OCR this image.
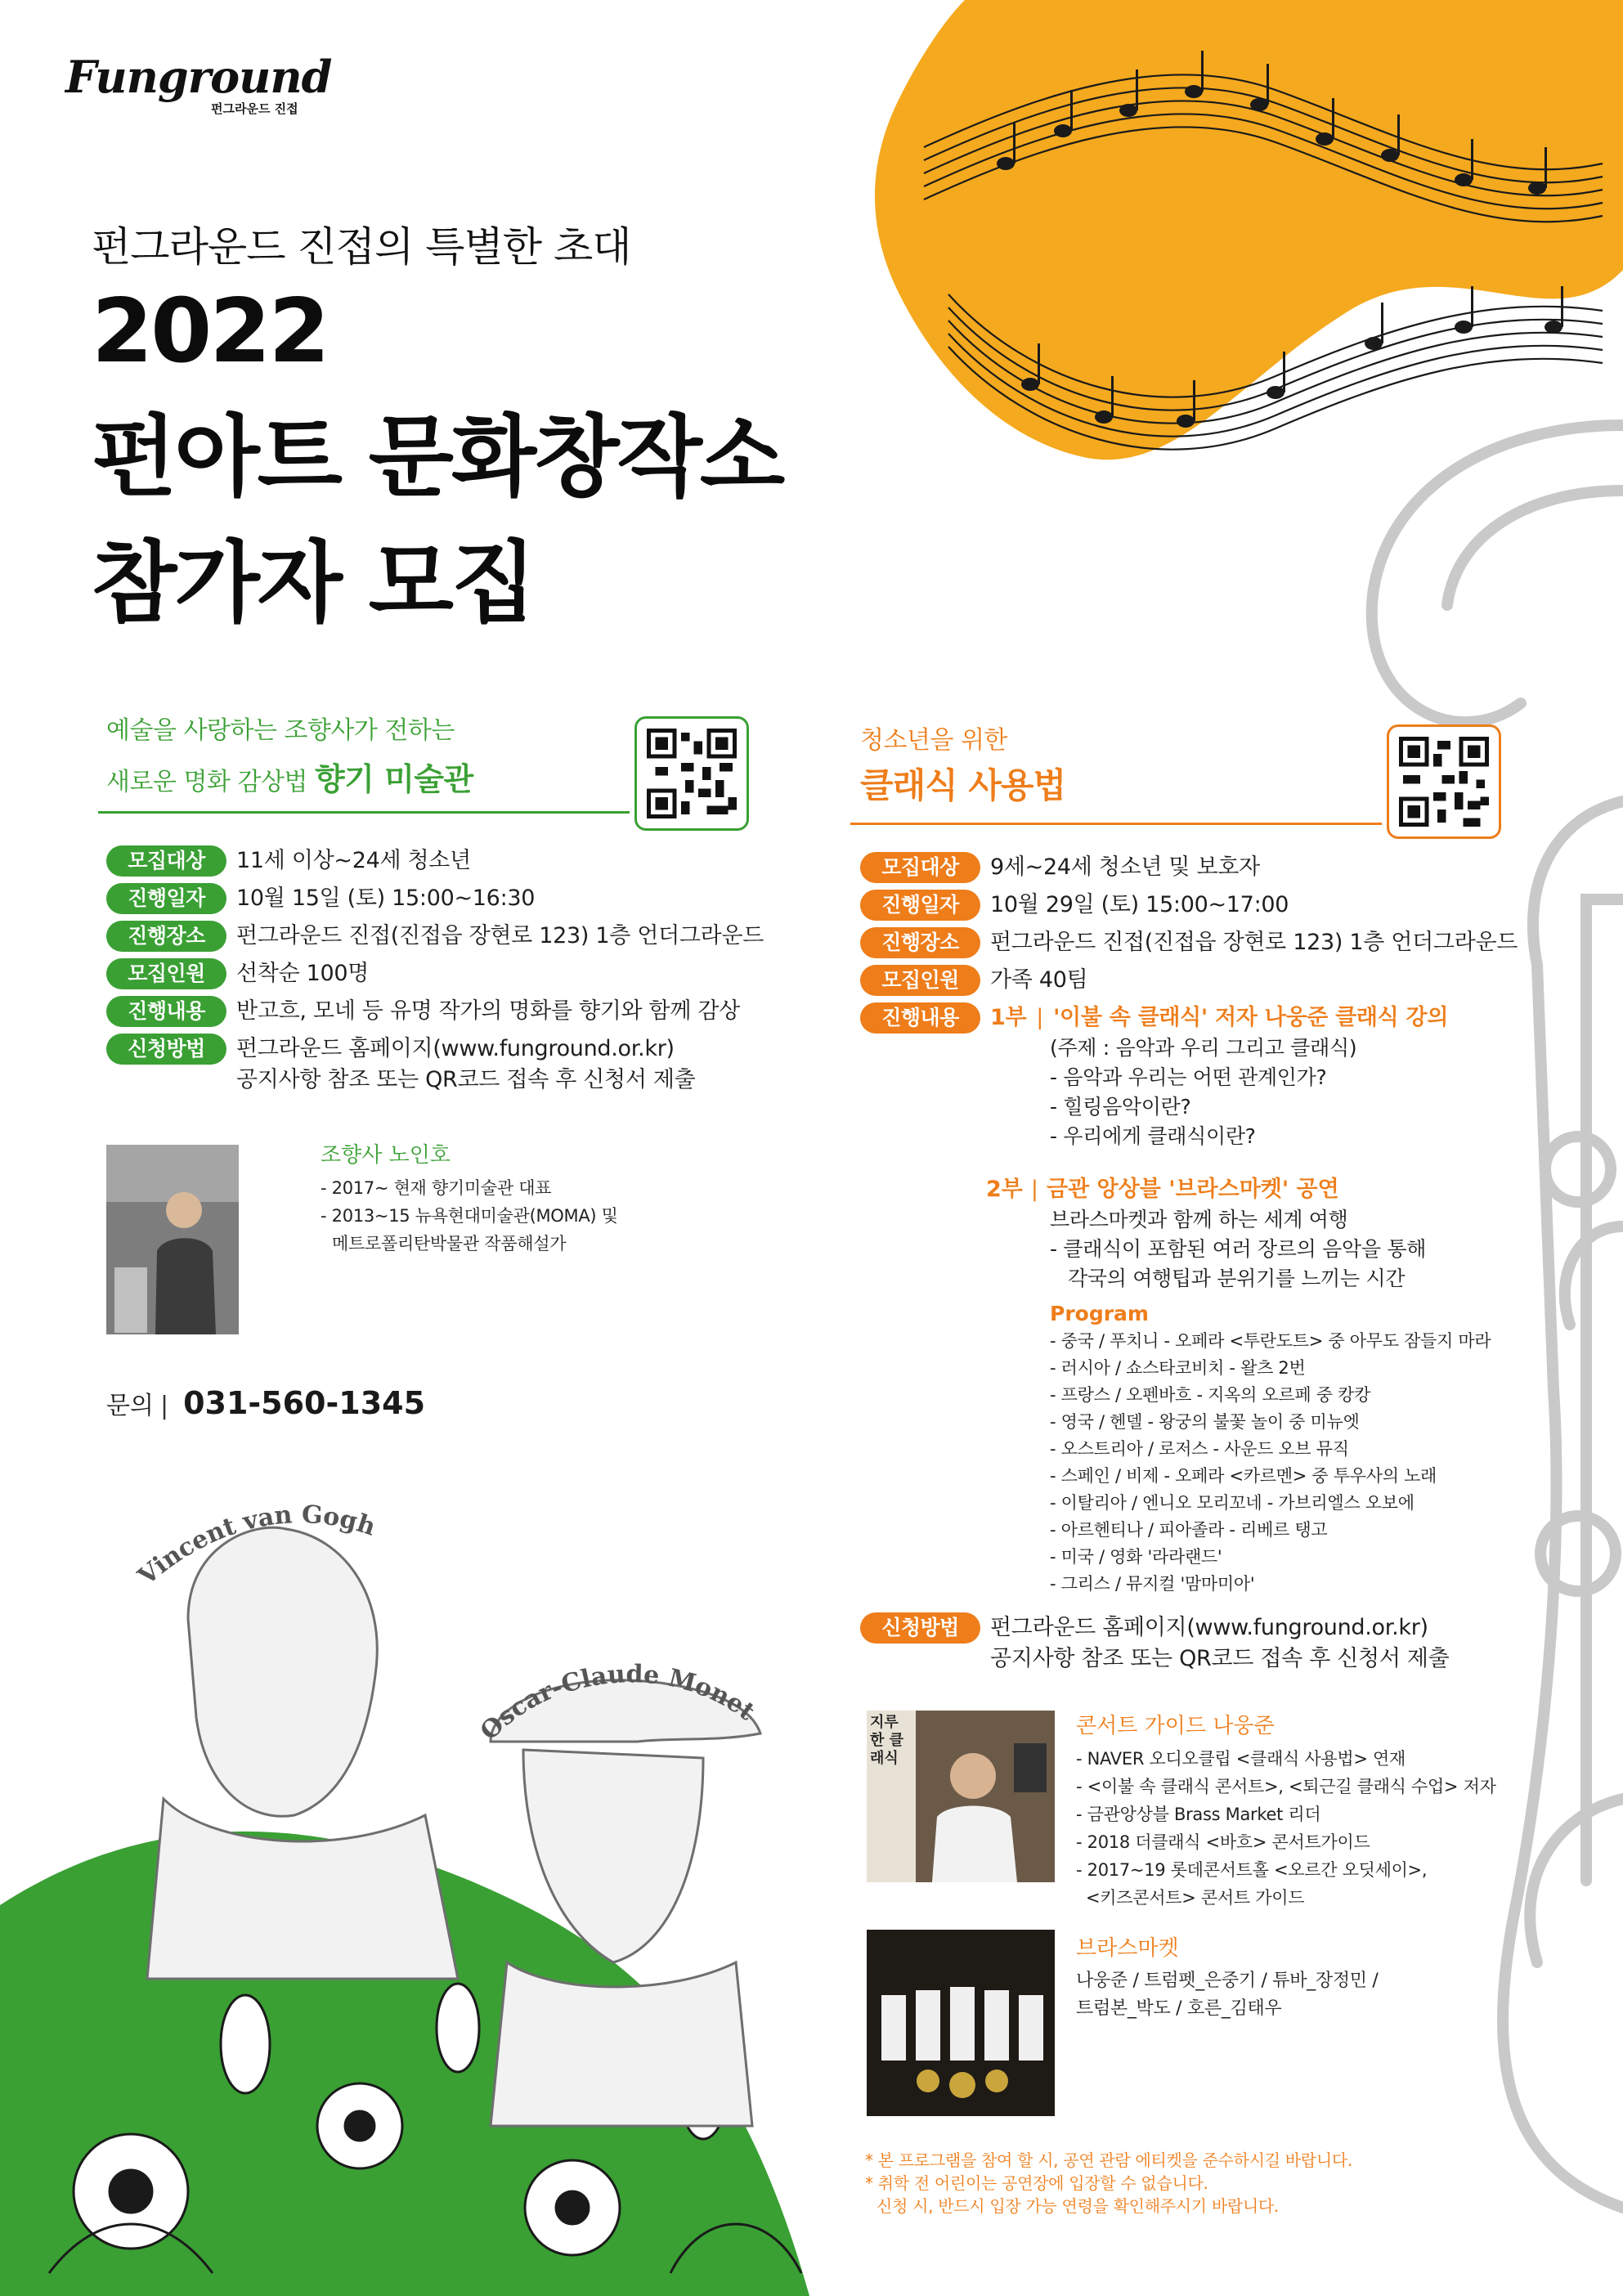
Vincent van Gogh
Oscar-Claude Monet
Funground
펀그라운드 진접
펀그라운드 진접의 특별한 초대
2022
펀아트 문화창작소
참가자 모집
예술을 사랑하는 조향사가 전하는
새로운 명화 감상법 향기 미술관
모집대상	11세 이상~24세 청소년
진행일자	10월 15일 (토) 15:00~16:30
진행장소	펀그라운드 진접(진접읍 장현로 123) 1층 언더그라운드
모집인원	선착순 100명
진행내용	반고흐, 모네 등 유명 작가의 명화를 향기와 함께 감상
신청방법	펀그라운드 홈페이지(www.funground.or.kr)
공지사항 참조 또는 QR코드 접속 후 신청서 제출
조향사 노인호
- 2017~ 현재 향기미술관 대표
- 2013~15 뉴욕현대미술관(MOMA) 및
메트로폴리탄박물관 작품해설가
문의 | 031-560-1345
청소년을 위한
클래식 사용법
모집대상	9세~24세 청소년 및 보호자
진행일자	10월 29일 (토) 15:00~17:00
진행장소	펀그라운드 진접(진접읍 장현로 123) 1층 언더그라운드
모집인원	가족 40팀
진행내용	1부 | '이불 속 클래식' 저자 나웅준 클래식 강의
(주제 : 음악과 우리 그리고 클래식)
- 음악과 우리는 어떤 관계인가?
- 힐링음악이란?
- 우리에게 클래식이란?
2부 | 금관 앙상블 '브라스마켓' 공연
브라스마켓과 함께 하는 세계 여행
- 클래식이 포함된 여러 장르의 음악을 통해
각국의 여행팁과 분위기를 느끼는 시간
Program
- 중국 / 푸치니 - 오페라 <투란도트> 중 아무도 잠들지 마라
- 러시아 / 쇼스타코비치 - 왈츠 2번
- 프랑스 / 오펜바흐 - 지옥의 오르페 중 캉캉
- 영국 / 헨델 - 왕궁의 불꽃 놀이 중 미뉴엣
- 오스트리아 / 로저스 - 사운드 오브 뮤직
- 스페인 / 비제 - 오페라 <카르멘> 중 투우사의 노래
- 이탈리아 / 엔니오 모리꼬네 - 가브리엘스 오보에
- 아르헨티나 / 피아졸라 - 리베르 탱고
- 미국 / 영화 '라라랜드'
- 그리스 / 뮤지컬 '맘마미아'
신청방법	펀그라운드 홈페이지(www.funground.or.kr)
공지사항 참조 또는 QR코드 접속 후 신청서 제출
지루한 클래식
콘서트 가이드 나웅준
- NAVER 오디오클립 <클래식 사용법> 연재
- <이불 속 클래식 콘서트>, <퇴근길 클래식 수업> 저자
- 금관앙상블 Brass Market 리더
- 2018 더클래식 <바흐> 콘서트가이드
- 2017~19 롯데콘서트홀 <오르간 오딧세이>,
<키즈콘서트> 콘서트 가이드
브라스마켓
나웅준 / 트럼펫_은중기 / 튜바_장정민 /
트럼본_박도 / 호른_김태우
* 본 프로그램을 참여 할 시, 공연 관람 에티켓을 준수하시길 바랍니다.
* 취학 전 어린이는 공연장에 입장할 수 없습니다.
신청 시, 반드시 입장 가능 연령을 확인해주시기 바랍니다.
